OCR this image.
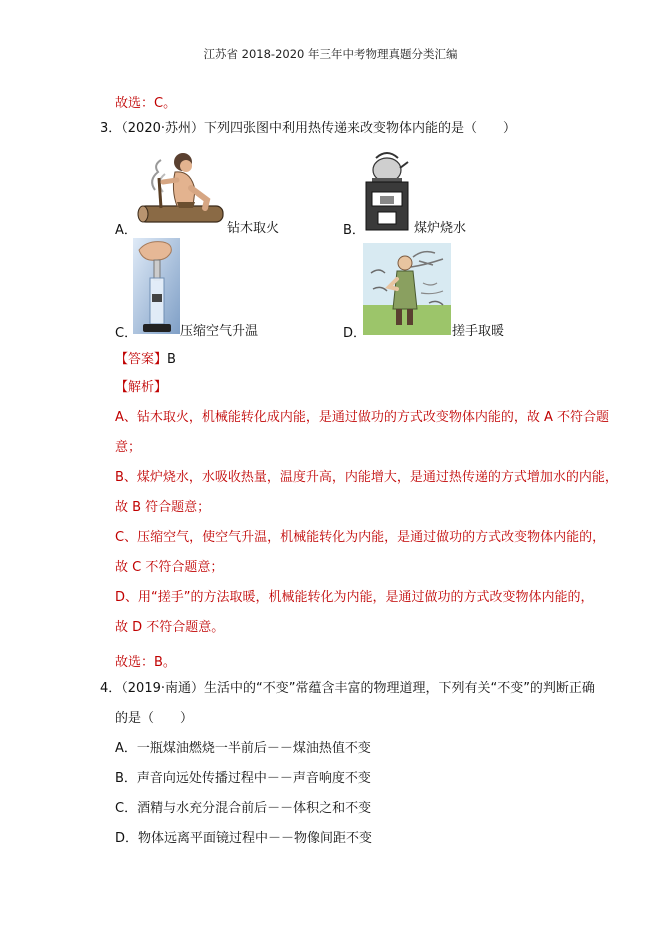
江苏省 2018-2020 年三年中考物理真题分类汇编
故选：C。
3．（2020·苏州）下列四张图中利用热传递来改变物体内能的是（　　）
A．	钻木取火	B．	煤炉烧水
C．	压缩空气升温	D．	搓手取暖
【答案】B
【解析】
A、钻木取火，机械能转化成内能，是通过做功的方式改变物体内能的，故 A 不符合题
意；
B、煤炉烧水，水吸收热量，温度升高，内能增大，是通过热传递的方式增加水的内能，
故 B 符合题意；
C、压缩空气，使空气升温，机械能转化为内能，是通过做功的方式改变物体内能的，
故 C 不符合题意；
D、用“搓手”的方法取暖，机械能转化为内能，是通过做功的方式改变物体内能的，
故 D 不符合题意。
故选：B。
4．（2019·南通）生活中的“不变”常蕴含丰富的物理道理，下列有关“不变”的判断正确
的是（　　）
A．一瓶煤油燃烧一半前后－－煤油热值不变
B．声音向远处传播过程中－－声音响度不变
C．酒精与水充分混合前后－－体积之和不变
D．物体远离平面镜过程中－－物像间距不变
